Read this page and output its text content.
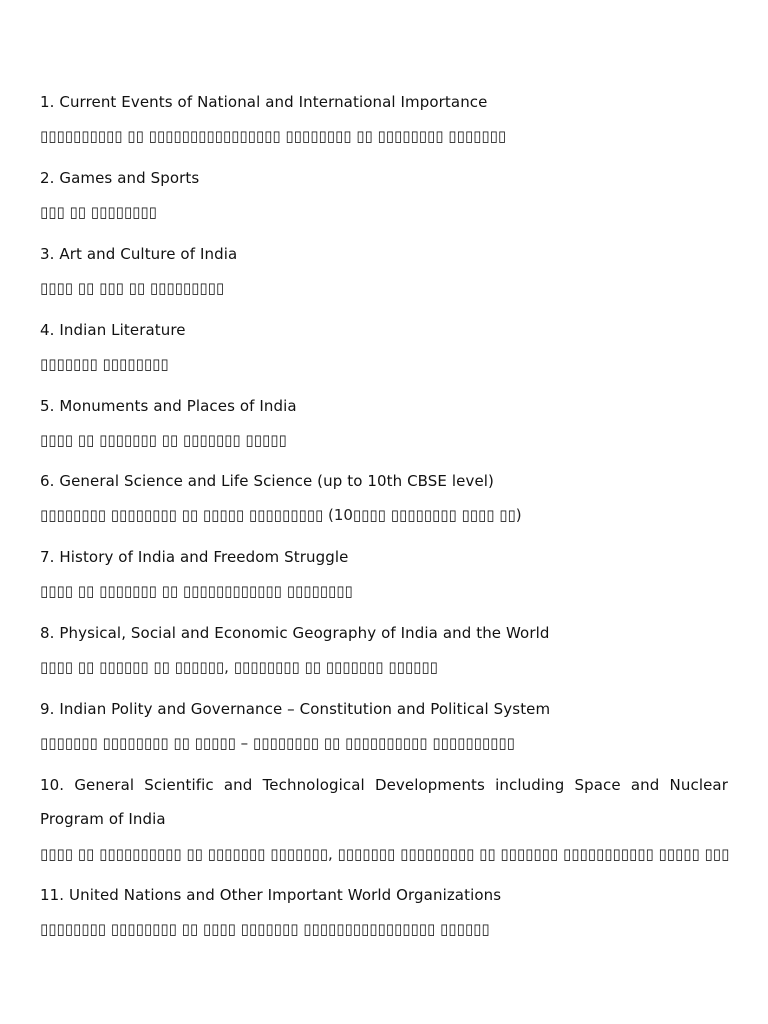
1. Current Events of National and International Importance
▯▯▯▯▯▯▯▯▯▯ ▯▯ ▯▯▯▯▯▯▯▯▯▯▯▯▯▯▯▯ ▯▯▯▯▯▯▯▯ ▯▯ ▯▯▯▯▯▯▯▯ ▯▯▯▯▯▯▯
2. Games and Sports
▯▯▯ ▯▯ ▯▯▯▯▯▯▯▯
3. Art and Culture of India
▯▯▯▯ ▯▯ ▯▯▯ ▯▯ ▯▯▯▯▯▯▯▯▯
4. Indian Literature
▯▯▯▯▯▯▯ ▯▯▯▯▯▯▯▯
5. Monuments and Places of India
▯▯▯▯ ▯▯ ▯▯▯▯▯▯▯ ▯▯ ▯▯▯▯▯▯▯ ▯▯▯▯▯
6. General Science and Life Science (up to 10th CBSE level)
▯▯▯▯▯▯▯▯ ▯▯▯▯▯▯▯▯ ▯▯ ▯▯▯▯▯ ▯▯▯▯▯▯▯▯▯ (10▯▯▯▯ ▯▯▯▯▯▯▯▯ ▯▯▯▯ ▯▯)
7. History of India and Freedom Struggle
▯▯▯▯ ▯▯ ▯▯▯▯▯▯▯ ▯▯ ▯▯▯▯▯▯▯▯▯▯▯▯ ▯▯▯▯▯▯▯▯
8. Physical, Social and Economic Geography of India and the World
▯▯▯▯ ▯▯ ▯▯▯▯▯▯ ▯▯ ▯▯▯▯▯▯, ▯▯▯▯▯▯▯▯ ▯▯ ▯▯▯▯▯▯▯ ▯▯▯▯▯▯
9. Indian Polity and Governance – Constitution and Political System
▯▯▯▯▯▯▯ ▯▯▯▯▯▯▯▯ ▯▯ ▯▯▯▯▯ – ▯▯▯▯▯▯▯▯ ▯▯ ▯▯▯▯▯▯▯▯▯▯ ▯▯▯▯▯▯▯▯▯▯
10. General Scientific and Technological Developments including Space and Nuclear Program of India
▯▯▯▯ ▯▯ ▯▯▯▯▯▯▯▯▯▯ ▯▯ ▯▯▯▯▯▯▯ ▯▯▯▯▯▯▯, ▯▯▯▯▯▯▯ ▯▯▯▯▯▯▯▯▯ ▯▯ ▯▯▯▯▯▯▯ ▯▯▯▯▯▯▯▯▯▯▯ ▯▯▯▯▯ ▯▯▯
11. United Nations and Other Important World Organizations
▯▯▯▯▯▯▯▯ ▯▯▯▯▯▯▯▯ ▯▯ ▯▯▯▯ ▯▯▯▯▯▯▯ ▯▯▯▯▯▯▯▯▯▯▯▯▯▯▯▯ ▯▯▯▯▯▯
